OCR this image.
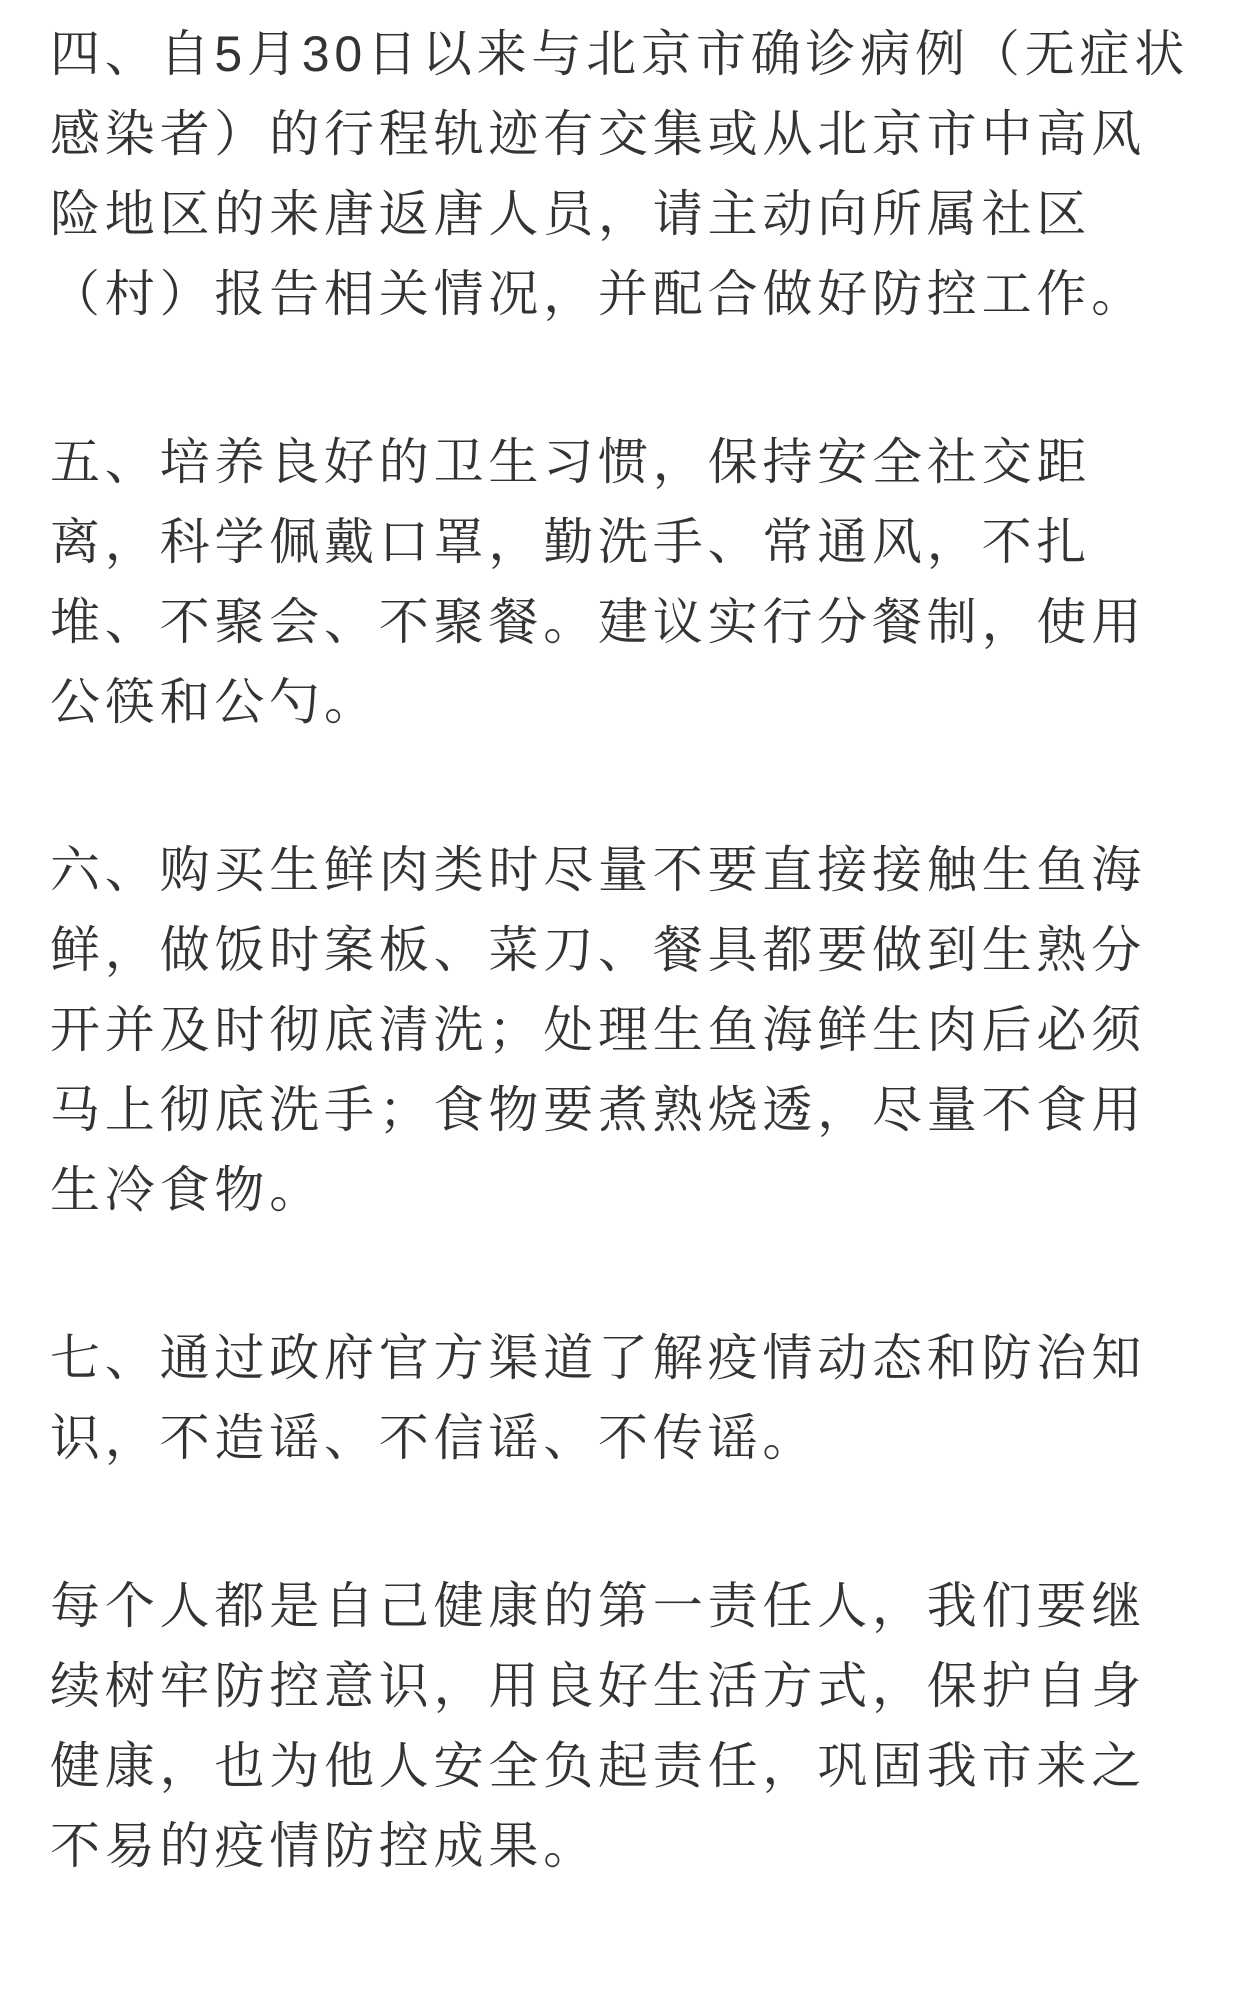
四、自5月30日以来与北京市确诊病例（无症状感染者）的行程轨迹有交集或从北京市中高风险地区的来唐返唐人员，请主动向所属社区（村）报告相关情况，并配合做好防控工作。

五、培养良好的卫生习惯，保持安全社交距离，科学佩戴口罩，勤洗手、常通风，不扎堆、不聚会、不聚餐。建议实行分餐制，使用公筷和公勺。

六、购买生鲜肉类时尽量不要直接接触生鱼海鲜，做饭时案板、菜刀、餐具都要做到生熟分开并及时彻底清洗；处理生鱼海鲜生肉后必须马上彻底洗手；食物要煮熟烧透，尽量不食用生冷食物。

七、通过政府官方渠道了解疫情动态和防治知识，不造谣、不信谣、不传谣。

每个人都是自己健康的第一责任人，我们要继续树牢防控意识，用良好生活方式，保护自身健康，也为他人安全负起责任，巩固我市来之不易的疫情防控成果。
